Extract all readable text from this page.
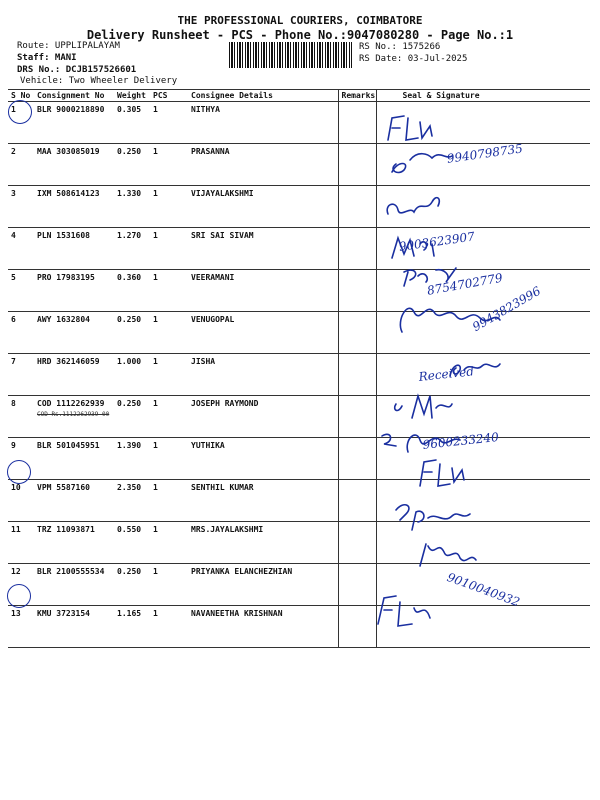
THE PROFESSIONAL COURIERS, COIMBATORE
Delivery Runsheet - PCS - Phone No.:9047080280 - Page No.:1
Route: UPPLIPALAYAM
Staff: MANI
DRS No.: DCJB157526601
Vehicle: Two Wheeler Delivery
RS No.: 1575266
RS Date: 03-Jul-2025
S No	Consignment No	Weight	PCS	Consignee Details	Remarks	Seal & Signature
1	BLR 9000218890	0.305	1	NITHYA		
2	MAA 303085019	0.250	1	PRASANNA		
3	IXM 508614123	1.330	1	VIJAYALAKSHMI		
4	PLN 1531608	1.270	1	SRI SAI SIVAM		
5	PRO 17983195	0.360	1	VEERAMANI		
6	AWY 1632804	0.250	1	VENUGOPAL		
7	HRD 362146059	1.000	1	JISHA		
8	COD 1112262939	0.250	1	JOSEPH RAYMOND		
9	BLR 501045951	1.390	1	YUTHIKA		
10	VPM 5587160	2.350	1	SENTHIL KUMAR		
11	TRZ 11093871	0.550	1	MRS.JAYALAKSHMI		
12	BLR 2100555534	0.250	1	PRIYANKA ELANCHEZHIAN		
13	KMU 3723154	1.165	1	NAVANEETHA KRISHNAN		
COD Rs.1112262939-00
9940798735
9003623907
8754702779
9943823996
Received
9600233240
9010040932
